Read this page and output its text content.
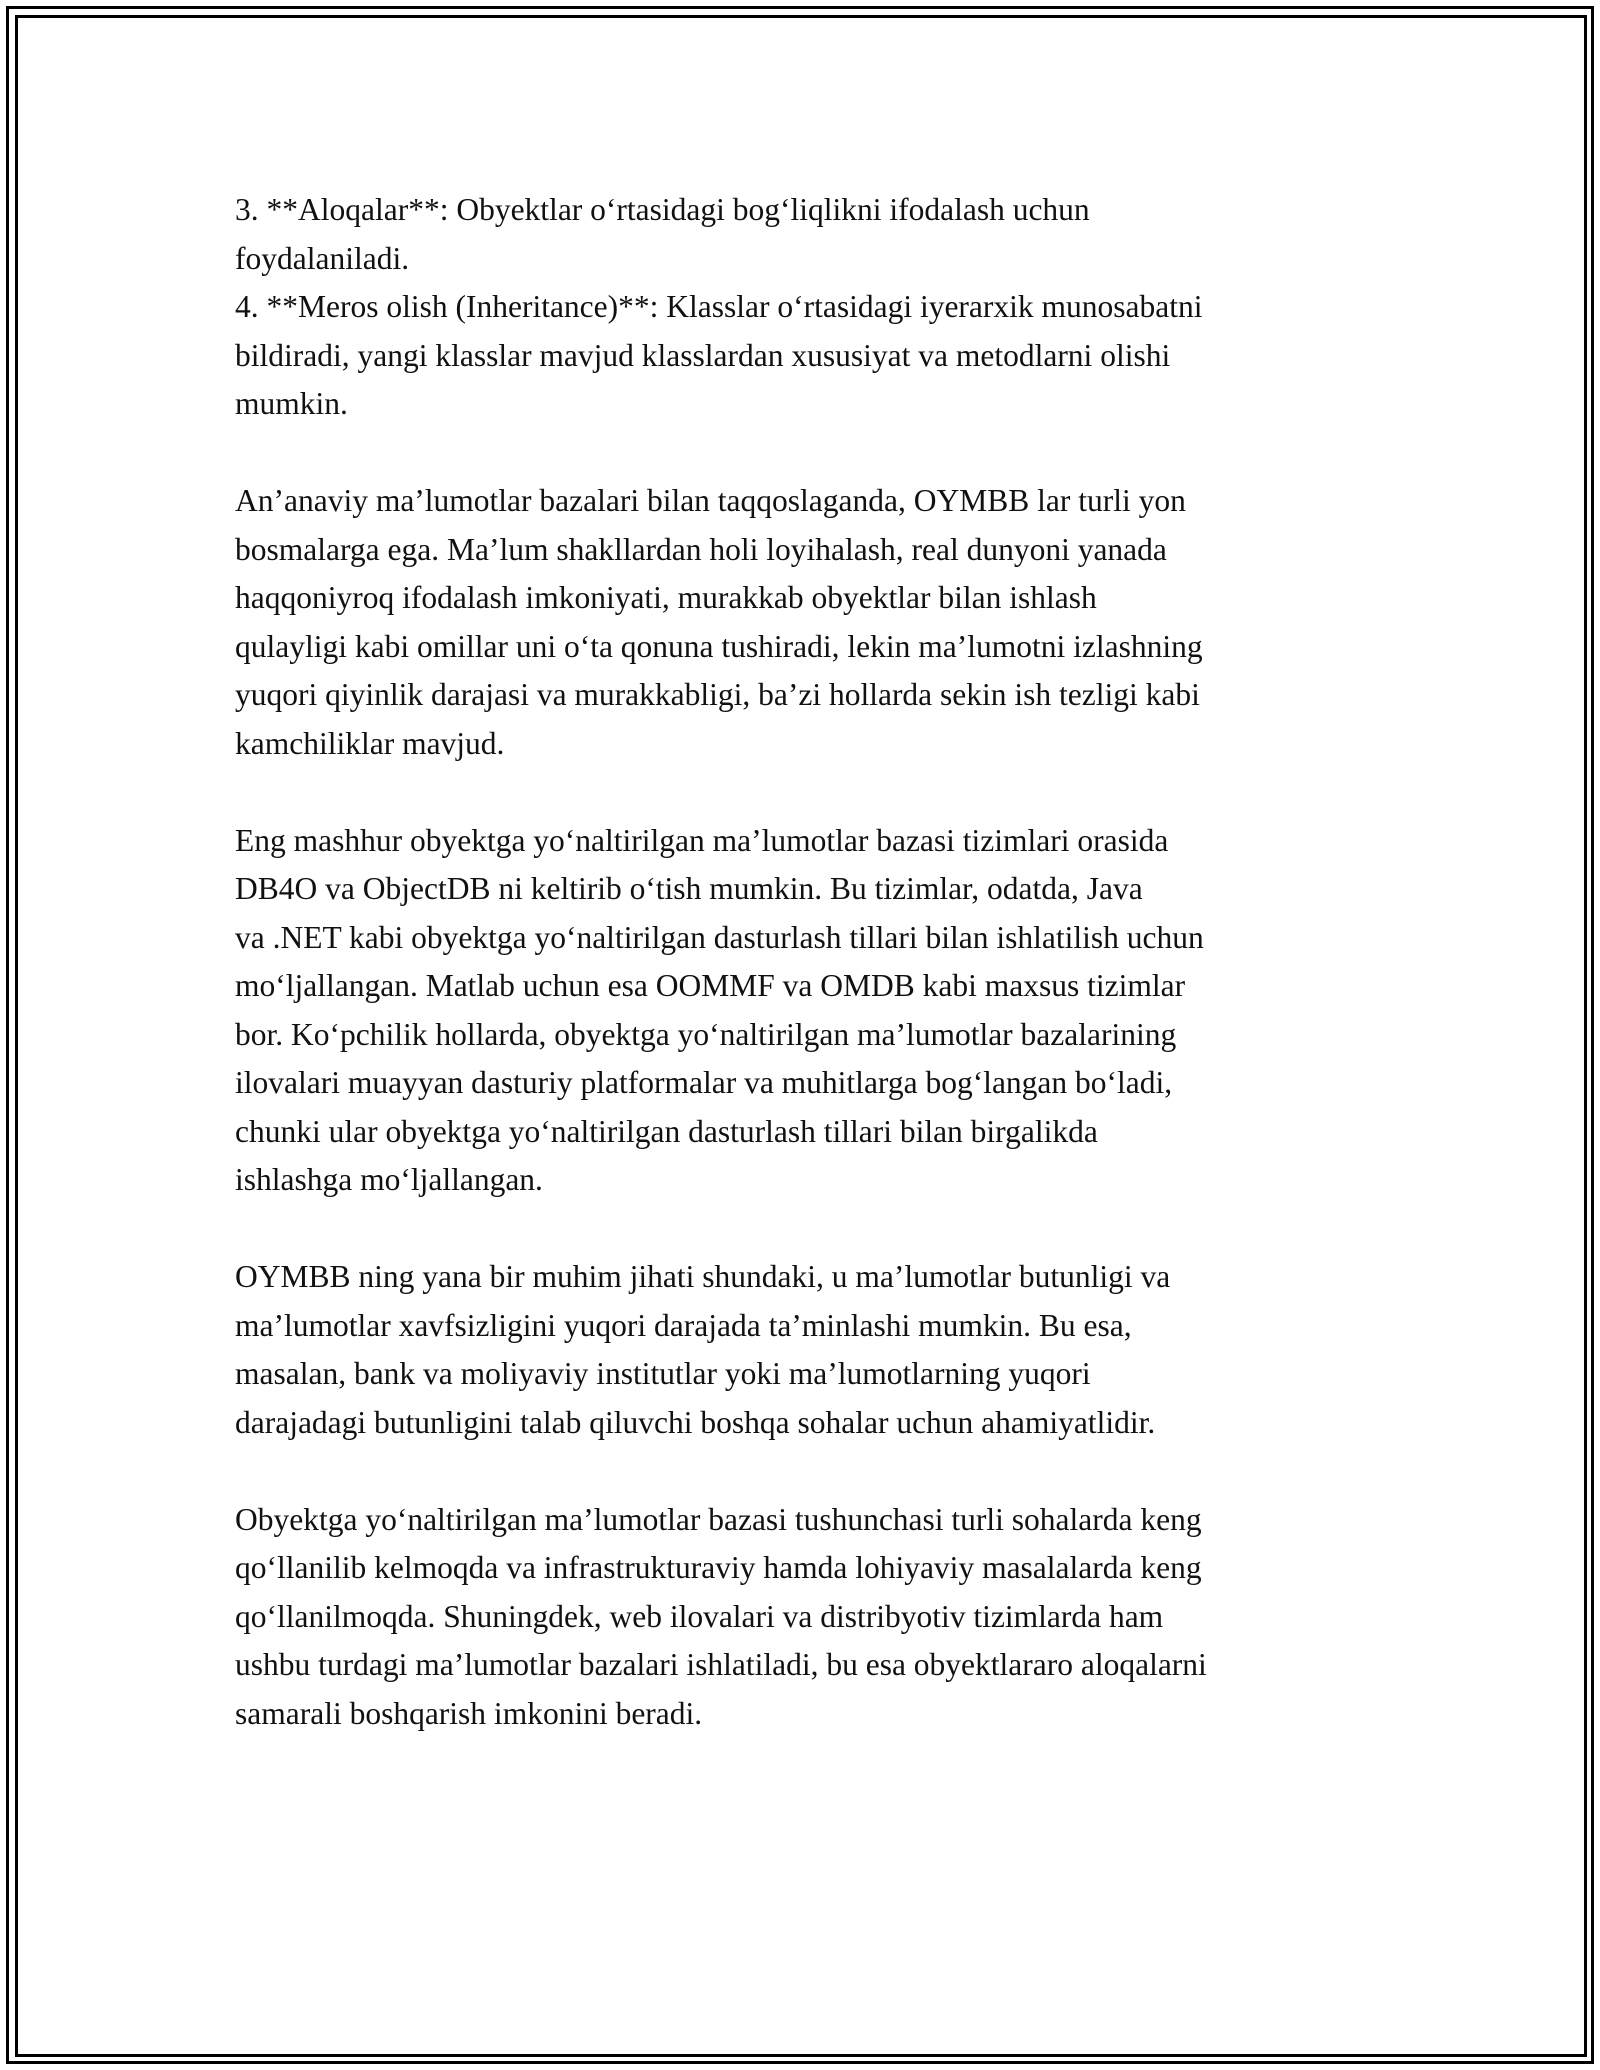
3. **Aloqalar**: Obyektlar o‘rtasidagi bog‘liqlikni ifodalash uchun
foydalaniladi.
4. **Meros olish (Inheritance)**: Klasslar o‘rtasidagi iyerarxik munosabatni
bildiradi, yangi klasslar mavjud klasslardan xususiyat va metodlarni olishi
mumkin.
An’anaviy ma’lumotlar bazalari bilan taqqoslaganda, OYMBB lar turli yon
bosmalarga ega. Ma’lum shakllardan holi loyihalash, real dunyoni yanada
haqqoniyroq ifodalash imkoniyati, murakkab obyektlar bilan ishlash
qulayligi kabi omillar uni o‘ta qonuna tushiradi, lekin ma’lumotni izlashning
yuqori qiyinlik darajasi va murakkabligi, ba’zi hollarda sekin ish tezligi kabi
kamchiliklar mavjud.
Eng mashhur obyektga yo‘naltirilgan ma’lumotlar bazasi tizimlari orasida
DB4O va ObjectDB ni keltirib o‘tish mumkin. Bu tizimlar, odatda, Java
va .NET kabi obyektga yo‘naltirilgan dasturlash tillari bilan ishlatilish uchun
mo‘ljallangan. Matlab uchun esa OOMMF va OMDB kabi maxsus tizimlar
bor. Ko‘pchilik hollarda, obyektga yo‘naltirilgan ma’lumotlar bazalarining
ilovalari muayyan dasturiy platformalar va muhitlarga bog‘langan bo‘ladi,
chunki ular obyektga yo‘naltirilgan dasturlash tillari bilan birgalikda
ishlashga mo‘ljallangan.
OYMBB ning yana bir muhim jihati shundaki, u ma’lumotlar butunligi va
ma’lumotlar xavfsizligini yuqori darajada ta’minlashi mumkin. Bu esa,
masalan, bank va moliyaviy institutlar yoki ma’lumotlarning yuqori
darajadagi butunligini talab qiluvchi boshqa sohalar uchun ahamiyatlidir.
Obyektga yo‘naltirilgan ma’lumotlar bazasi tushunchasi turli sohalarda keng
qo‘llanilib kelmoqda va infrastrukturaviy hamda lohiyaviy masalalarda keng
qo‘llanilmoqda. Shuningdek, web ilovalari va distribyotiv tizimlarda ham
ushbu turdagi ma’lumotlar bazalari ishlatiladi, bu esa obyektlararo aloqalarni
samarali boshqarish imkonini beradi.
